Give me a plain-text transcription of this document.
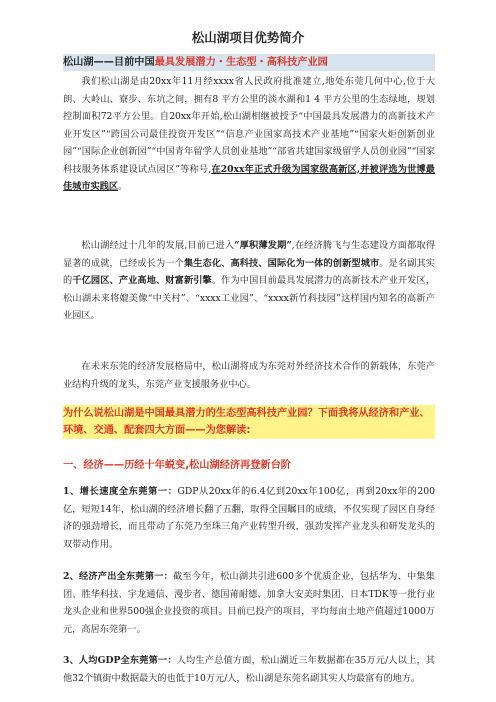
松山湖项目优势简介
松山湖——目前中国最具发展潜力・生态型・高科技产业园
我们松山湖是由20xx年11月经xxxx省人民政府批准建立,地处东莞几何中心,位于大朗、大岭山、寮步、东坑之间，拥有8 平方公里的淡水湖和1 4 平方公里的生态绿地，规划控制面积72平方公里。自20xx年开始,松山湖相继被授予“中国最具发展潜力的高新技术产业开发区”“跨国公司最佳投资开发区”“信息产业国家高技术产业基地”“国家火炬创新创业园”“国际企业创新园”“中国青年留学人员创业基地”“部省共建国家级留学人员创业园”“国家科技服务体系建设试点园区”等称号,在20xx年正式升级为国家级高新区,并被评选为世博最佳城市实践区。
松山湖经过十几年的发展,目前已进入“厚积薄发期”,在经济腾飞与生态建设方面都取得显著的成就，已经成长为一个集生态化、高科技、国际化为一体的创新型城市。是名副其实的千亿园区、产业高地、财富新引擎。作为中国目前最具发展潜力的高新技术产业开发区，松山湖未来将媲美像“中关村”、“xxxx工业园”、“xxxx新竹科技园”这样国内知名的高新产业园区。
在未来东莞的经济发展格局中，松山湖将成为东莞对外经济技术合作的新载体，东莞产业结构升级的龙头，东莞产业支援服务业中心。
为什么说松山湖是中国最具潜力的生态型高科技产业园？下面我将从经济和产业、环境、交通、配套四大方面——为您解读:
一、经济——历经十年蜕变,松山湖经济再登新台阶
1、增长速度全东莞第一：GDP从20xx年的6.4亿到20xx年100亿，再到20xx年的200亿，短短14年，松山湖的经济增长翻了五翻，取得全国瞩目的成绩，不仅实现了园区自身经济的强劲增长，而且带动了东莞乃至珠三角产业转型升级，强劲发挥产业龙头和研发龙头的双带动作用。
2、经济产出全东莞第一：截至今年，松山湖共引进600多个优质企业，包括华为、中集集团、胜华科技、宇龙通信、漫步者、德国莆耐德、加拿大安美时集团、日本TDK等一批行业龙头企业和世界500强企业投资的项目。目前已投产的项目，平均每亩土地产值超过1000万元，高居东莞第一。
3、人均GDP全东莞第一：人均生产总值方面，松山湖近三年数据都在35万元/人以上，其他32个镇街中数据最大的也低于10万元/人，松山湖是东莞名副其实人均最富有的地方。
